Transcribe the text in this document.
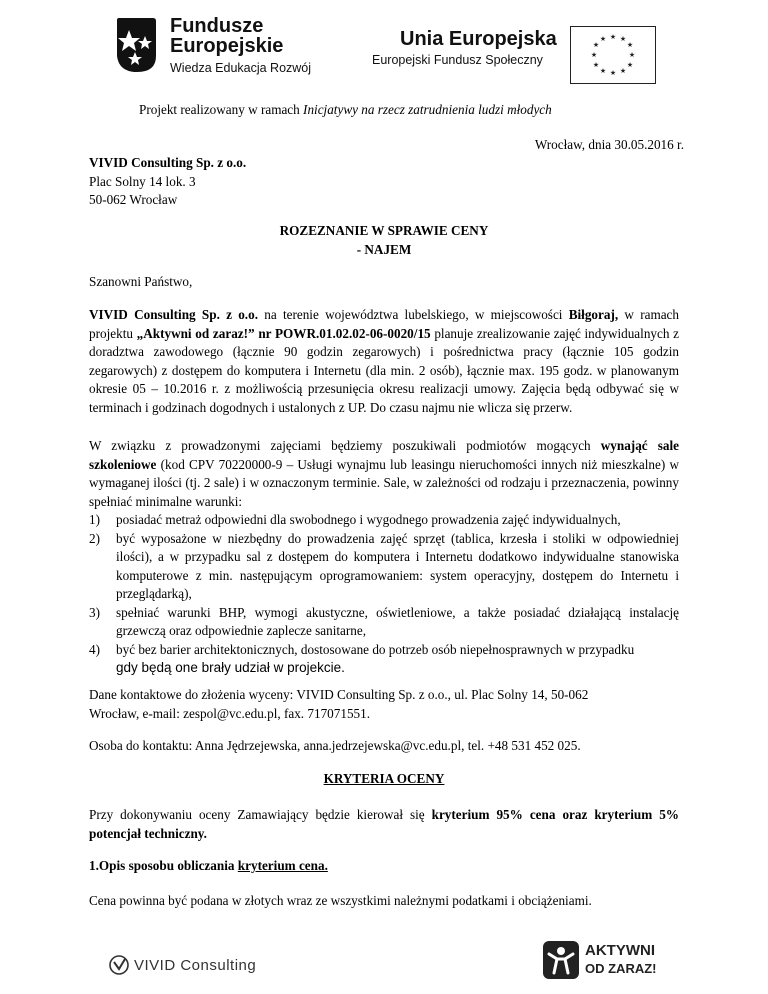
Fundusze
Europejskie
Wiedza Edukacja Rozwój
Unia Europejska
Europejski Fundusz Społeczny
★ ★
★
★
★
★
★
★
★
★
★
★
Projekt realizowany w ramach Inicjatywy na rzecz zatrudnienia ludzi młodych
Wrocław, dnia 30.05.2016 r.
VIVID Consulting Sp. z o.o.
Plac Solny 14 lok. 3
50-062 Wrocław
ROZEZNANIE W SPRAWIE CENY
- NAJEM
Szanowni Państwo,
VIVID Consulting Sp. z o.o. na terenie województwa lubelskiego, w miejscowości Biłgoraj, w ramach projektu „Aktywni od zaraz!” nr POWR.01.02.02-06-0020/15 planuje zrealizowanie zajęć indywidualnych z doradztwa zawodowego (łącznie 90 godzin zegarowych) i pośrednictwa pracy (łącznie 105 godzin zegarowych) z dostępem do komputera i Internetu (dla min. 2 osób), łącznie max. 195 godz. w planowanym okresie 05 – 10.2016 r. z możliwością przesunięcia okresu realizacji umowy. Zajęcia będą odbywać się w terminach i godzinach dogodnych i ustalonych z UP. Do czasu najmu nie wlicza się przerw.
W związku z prowadzonymi zajęciami będziemy poszukiwali podmiotów mogących wynająć sale szkoleniowe (kod CPV 70220000-9 – Usługi wynajmu lub leasingu nieruchomości innych niż mieszkalne) w wymaganej ilości (tj. 2 sale) i w oznaczonym terminie. Sale, w zależności od rodzaju i przeznaczenia, powinny spełniać minimalne warunki:
1) posiadać metraż odpowiedni dla swobodnego i wygodnego prowadzenia zajęć indywidualnych,
2) być wyposażone w niezbędny do prowadzenia zajęć sprzęt (tablica, krzesła i stoliki w odpowiedniej ilości), a w przypadku sal z dostępem do komputera i Internetu dodatkowo indywidualne stanowiska komputerowe z min. następującym oprogramowaniem: system operacyjny, dostępem do Internetu i przeglądarką),
3) spełniać warunki BHP, wymogi akustyczne, oświetleniowe, a także posiadać działającą instalację grzewczą oraz odpowiednie zaplecze sanitarne,
4) być bez barier architektonicznych, dostosowane do potrzeb osób niepełnosprawnych w przypadku
gdy będą one brały udział w projekcie.
Dane kontaktowe do złożenia wyceny: VIVID Consulting Sp. z o.o., ul. Plac Solny 14, 50-062
Wrocław, e-mail: zespol@vc.edu.pl, fax. 717071551.
Osoba do kontaktu: Anna Jędrzejewska, anna.jedrzejewska@vc.edu.pl, tel. +48 531 452 025.
KRYTERIA OCENY
Przy dokonywaniu oceny Zamawiający będzie kierował się kryterium 95% cena oraz kryterium 5% potencjał techniczny.
1.Opis sposobu obliczania kryterium cena.
Cena powinna być podana w złotych wraz ze wszystkimi należnymi podatkami i obciążeniami.
VIVID Consulting
AKTYWNI
OD ZARAZ!
